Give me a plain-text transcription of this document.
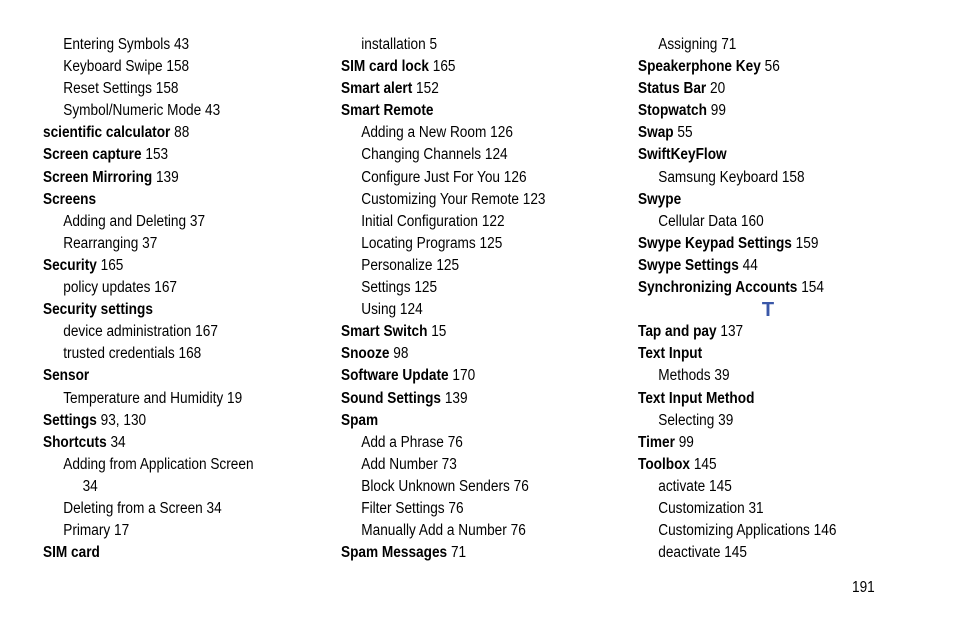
Entering Symbols 43
Keyboard Swipe 158
Reset Settings 158
Symbol/Numeric Mode 43
scientific calculator 88
Screen capture 153
Screen Mirroring 139
Screens
Adding and Deleting 37
Rearranging 37
Security 165
policy updates 167
Security settings
device administration 167
trusted credentials 168
Sensor
Temperature and Humidity 19
Settings 93, 130
Shortcuts 34
Adding from Application Screen
34
Deleting from a Screen 34
Primary 17
SIM card
installation 5
SIM card lock 165
Smart alert 152
Smart Remote
Adding a New Room 126
Changing Channels 124
Configure Just For You 126
Customizing Your Remote 123
Initial Configuration 122
Locating Programs 125
Personalize 125
Settings 125
Using 124
Smart Switch 15
Snooze 98
Software Update 170
Sound Settings 139
Spam
Add a Phrase 76
Add Number 73
Block Unknown Senders 76
Filter Settings 76
Manually Add a Number 76
Spam Messages 71
Assigning 71
Speakerphone Key 56
Status Bar 20
Stopwatch 99
Swap 55
SwiftKeyFlow
Samsung Keyboard 158
Swype
Cellular Data 160
Swype Keypad Settings 159
Swype Settings 44
Synchronizing Accounts 154
T
Tap and pay 137
Text Input
Methods 39
Text Input Method
Selecting 39
Timer 99
Toolbox 145
activate 145
Customization 31
Customizing Applications 146
deactivate 145
191
